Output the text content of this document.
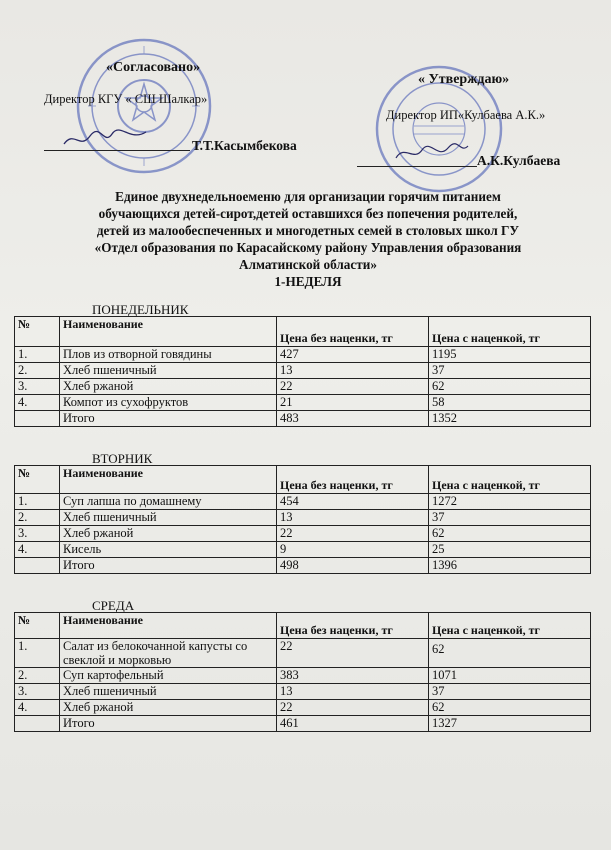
«Согласовано»
Директор КГУ « СШ Шалкар»
Т.Т.Касымбекова
« Утверждаю»
Директор ИП«Кулбаева А.К.»
А.К.Кулбаева

Единое двухнедельноеменю для организации горячим питанием

обучающихся детей-сирот,детей оставшихся без попечения родителей,

детей из малообеспеченных и многодетных семей в столовых школ ГУ

«Отдел образования по Карасайскому району Управления образования

Алматинской области»

1-НЕДЕЛЯ

ПОНЕДЕЛЬНИК
№	Наименование	Цена без наценки, тг	Цена с наценкой, тг
1.	Плов из отворной говядины	427	1195
2.	Хлеб пшеничный	13	37
3.	Хлеб ржаной	22	62
4.	Компот из сухофруктов	21	58
	Итого	483	1352
ВТОРНИК
№	Наименование	Цена без наценки, тг	Цена с наценкой, тг
1.	Суп лапша по домашнему	454	1272
2.	Хлеб пшеничный	13	37
3.	Хлеб ржаной	22	62
4.	Кисель	9	25
	Итого	498	1396
СРЕДА
№	Наименование	Цена без наценки, тг	Цена с наценкой, тг
1.	Салат из белокочанной капусты со свеклой и морковью	22	62
2.	Суп картофельный	383	1071
3.	Хлеб пшеничный	13	37
4.	Хлеб ржаной	22	62
	Итого	461	1327
